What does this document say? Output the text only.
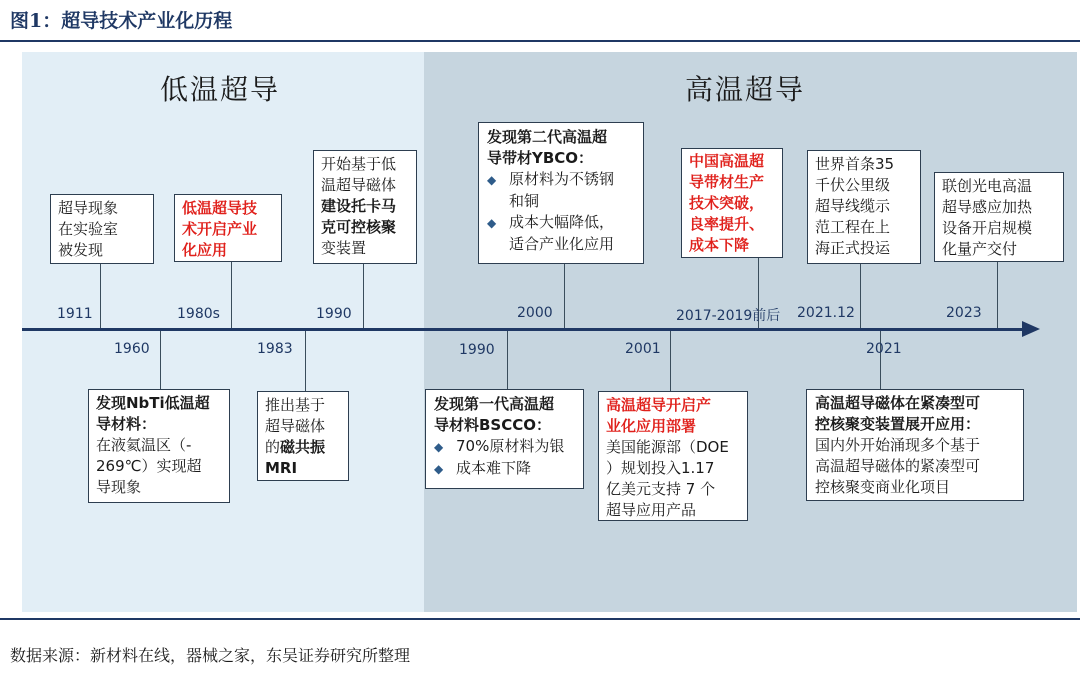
图1：超导技术产业化历程
低温超导	高温超导
1911	1980s	1990	2000	2017-2019前后 2021.12	2023
1960	1983	1990	2001	2021
超导现象
在实验室
被发现
低温超导技
术开启产业
化应用
开始基于低
温超导磁体
建设托卡马
克可控核聚
变装置
发现第二代高温超
导带材YBCO：
◆ 原材料为不锈钢
和铜
◆ 成本大幅降低，
适合产业化应用
中国高温超
导带材生产
技术突破，
良率提升、
成本下降
世界首条35
千伏公里级
超导线缆示
范工程在上
海正式投运
联创光电高温
超导感应加热
设备开启规模
化量产交付
发现NbTi低温超
导材料：
在液氦温区（-
269℃）实现超
导现象
推出基于
超导磁体
的磁共振
MRI
发现第一代高温超
导材料BSCCO：
◆ 70%原材料为银
◆ 成本难下降
高温超导开启产
业化应用部署
美国能源部（DOE
）规划投入1.17
亿美元支持 7 个
超导应用产品
高温超导磁体在紧凑型可
控核聚变装置展开应用：
国内外开始涌现多个基于
高温超导磁体的紧凑型可
控核聚变商业化项目
数据来源：新材料在线，器械之家，东吴证券研究所整理
